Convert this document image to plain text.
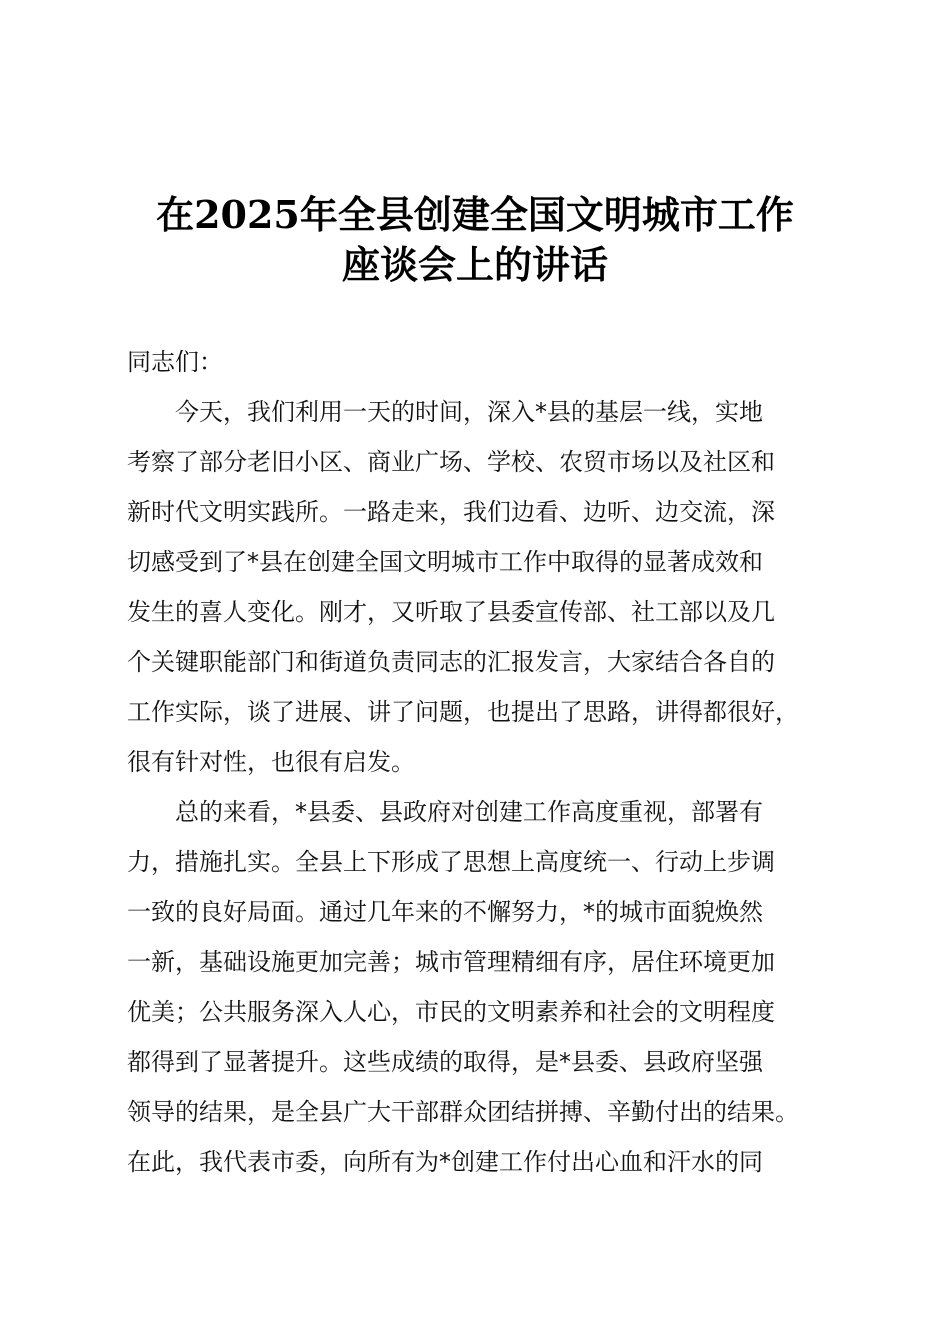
在2025年全县创建全国文明城市工作
座谈会上的讲话
同志们：
　　今天，我们利用一天的时间，深入*县的基层一线，实地
考察了部分老旧小区、商业广场、学校、农贸市场以及社区和
新时代文明实践所。一路走来，我们边看、边听、边交流，深
切感受到了*县在创建全国文明城市工作中取得的显著成效和
发生的喜人变化。刚才，又听取了县委宣传部、社工部以及几
个关键职能部门和街道负责同志的汇报发言，大家结合各自的
工作实际，谈了进展、讲了问题，也提出了思路，讲得都很好，
很有针对性，也很有启发。
　　总的来看，*县委、县政府对创建工作高度重视，部署有
力，措施扎实。全县上下形成了思想上高度统一、行动上步调
一致的良好局面。通过几年来的不懈努力，*的城市面貌焕然
一新，基础设施更加完善；城市管理精细有序，居住环境更加
优美；公共服务深入人心，市民的文明素养和社会的文明程度
都得到了显著提升。这些成绩的取得，是*县委、县政府坚强
领导的结果，是全县广大干部群众团结拼搏、辛勤付出的结果。
在此，我代表市委，向所有为*创建工作付出心血和汗水的同
